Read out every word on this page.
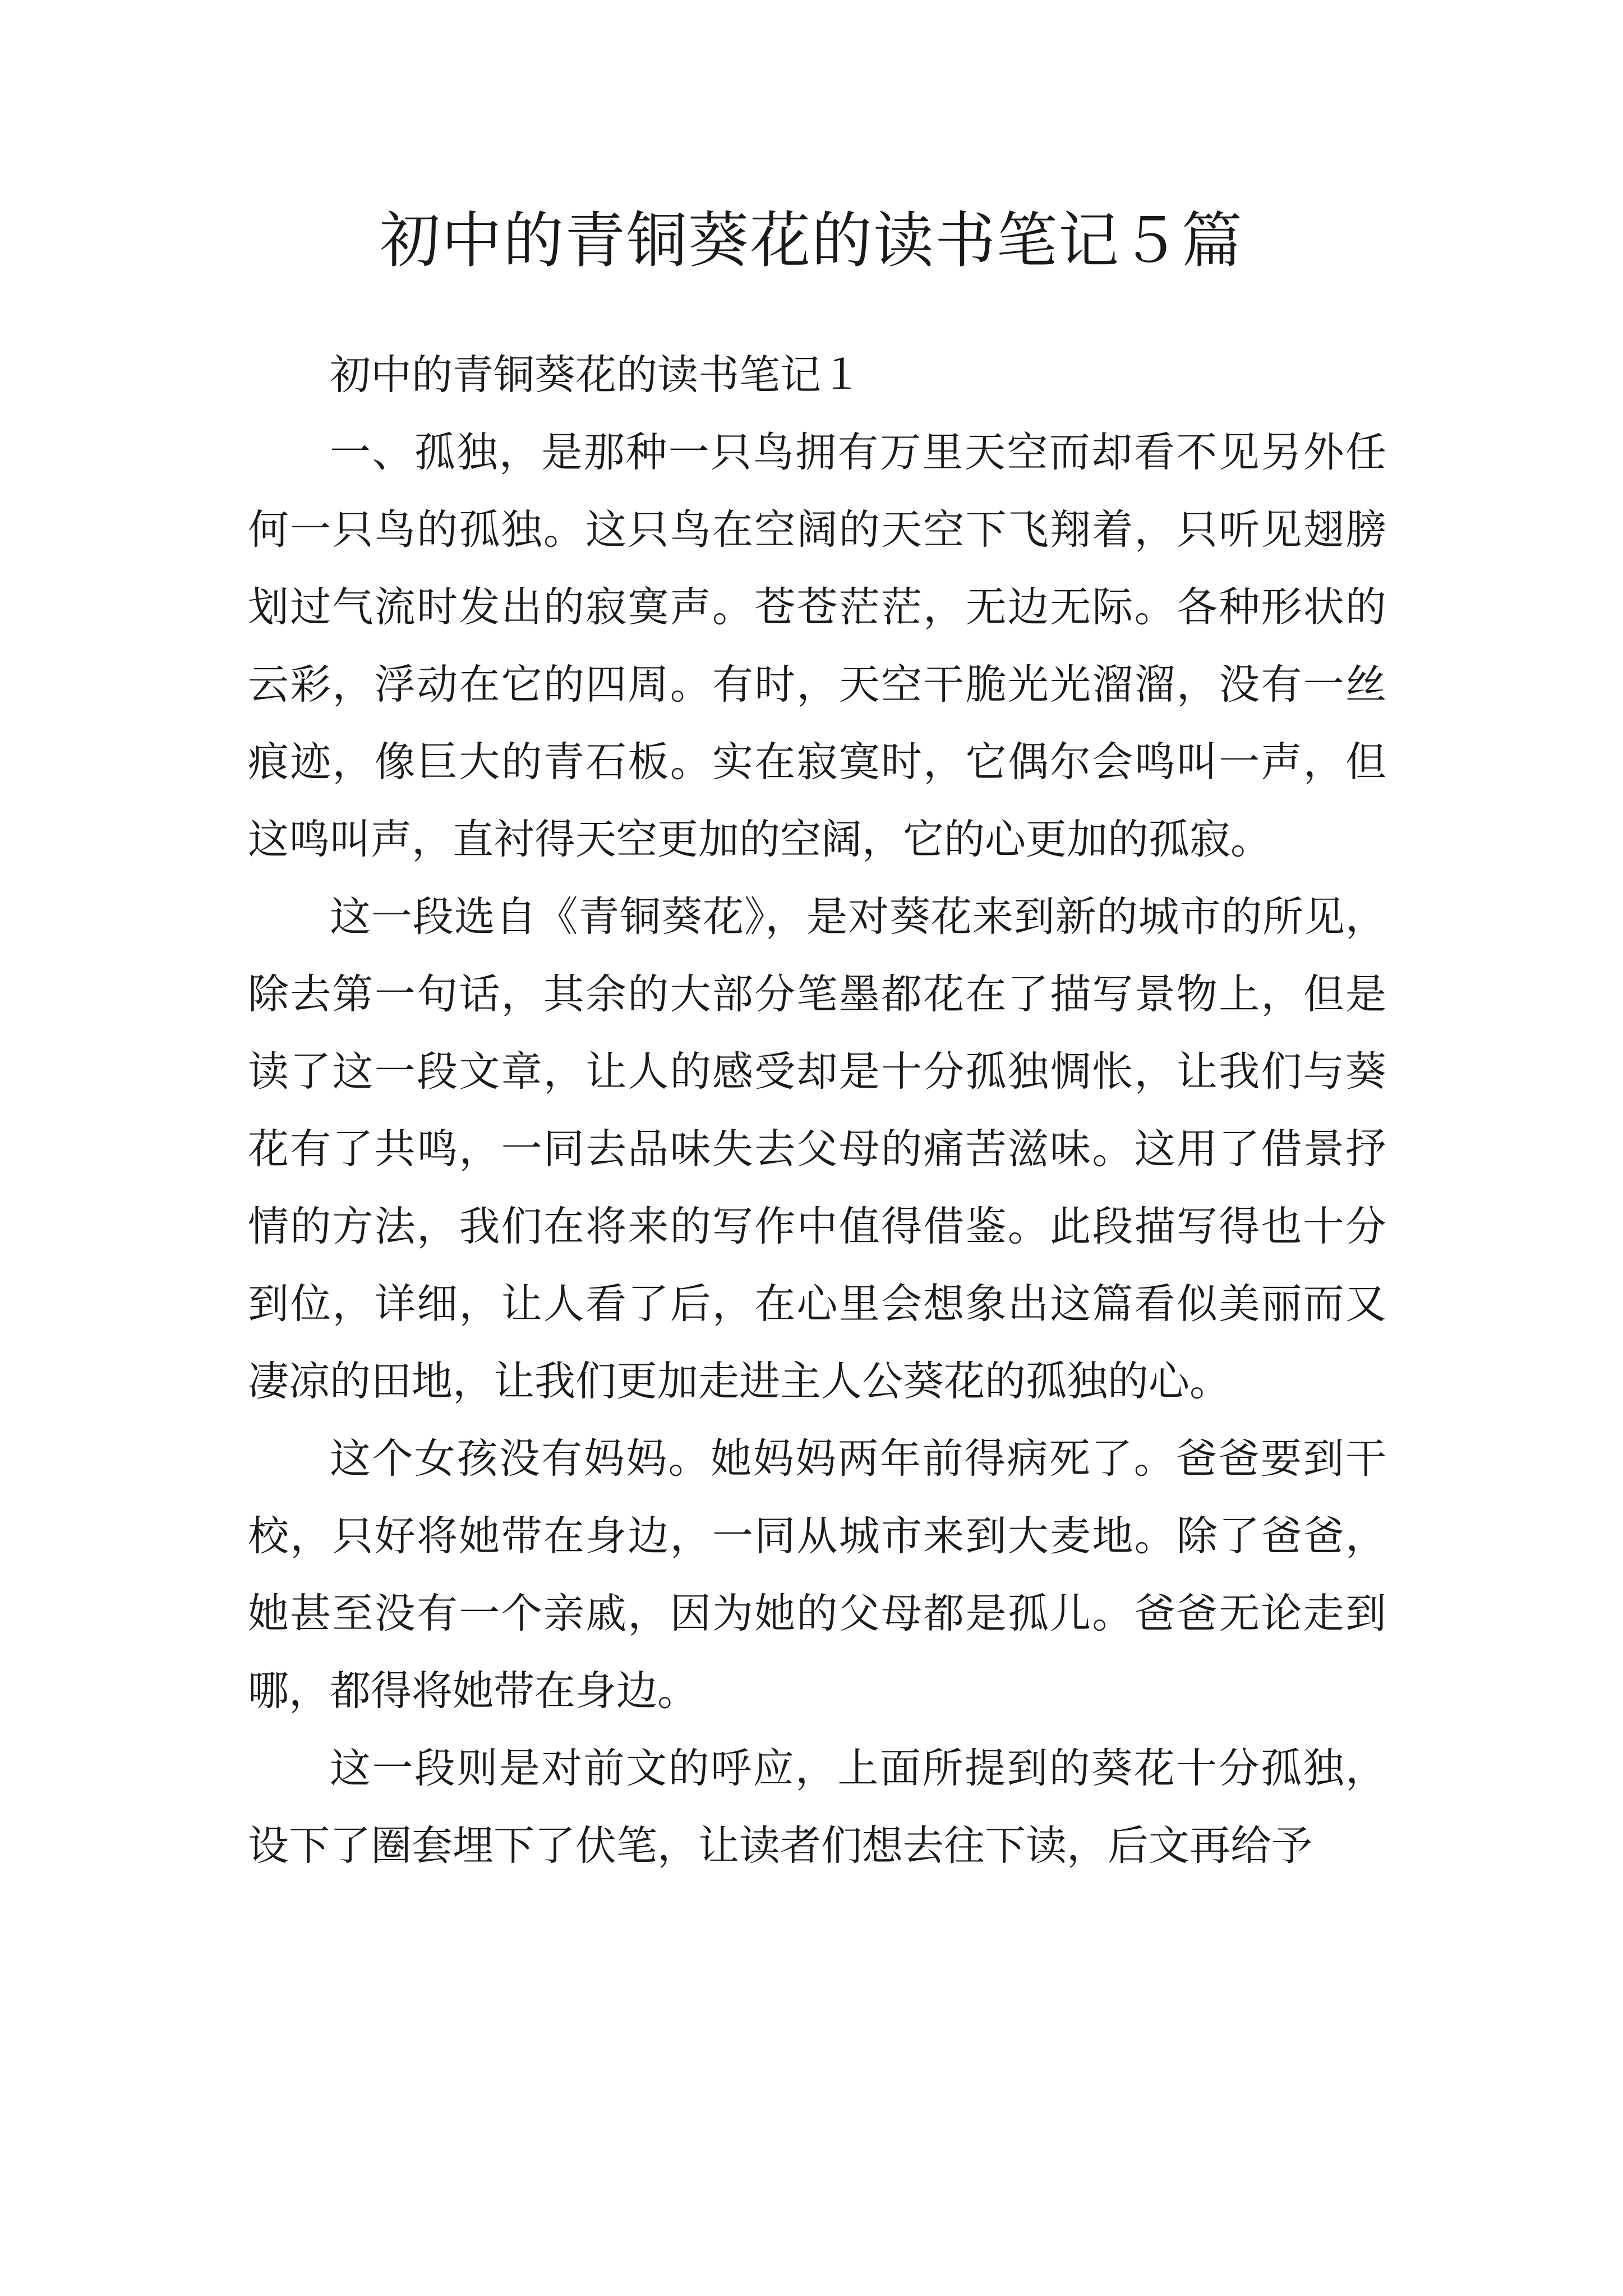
初中的青铜葵花的读书笔记５篇

初中的青铜葵花的读书笔记１

一、孤独，是那种一只鸟拥有万里天空而却看不见另外任何一只鸟的孤独。这只鸟在空阔的天空下飞翔着，只听见翅膀划过气流时发出的寂寞声。苍苍茫茫，无边无际。各种形状的云彩，浮动在它的四周。有时，天空干脆光光溜溜，没有一丝痕迹，像巨大的青石板。实在寂寞时，它偶尔会鸣叫一声，但这鸣叫声，直衬得天空更加的空阔，它的心更加的孤寂。

这一段选自《青铜葵花》，是对葵花来到新的城市的所见，除去第一句话，其余的大部分笔墨都花在了描写景物上，但是读了这一段文章，让人的感受却是十分孤独惆怅，让我们与葵花有了共鸣，一同去品味失去父母的痛苦滋味。这用了借景抒情的方法，我们在将来的写作中值得借鉴。此段描写得也十分到位，详细，让人看了后，在心里会想象出这篇看似美丽而又凄凉的田地，让我们更加走进主人公葵花的孤独的心。

这个女孩没有妈妈。她妈妈两年前得病死了。爸爸要到干校，只好将她带在身边，一同从城市来到大麦地。除了爸爸，她甚至没有一个亲戚，因为她的父母都是孤儿。爸爸无论走到哪，都得将她带在身边。

这一段则是对前文的呼应，上面所提到的葵花十分孤独，设下了圈套埋下了伏笔，让读者们想去往下读，后文再给予
